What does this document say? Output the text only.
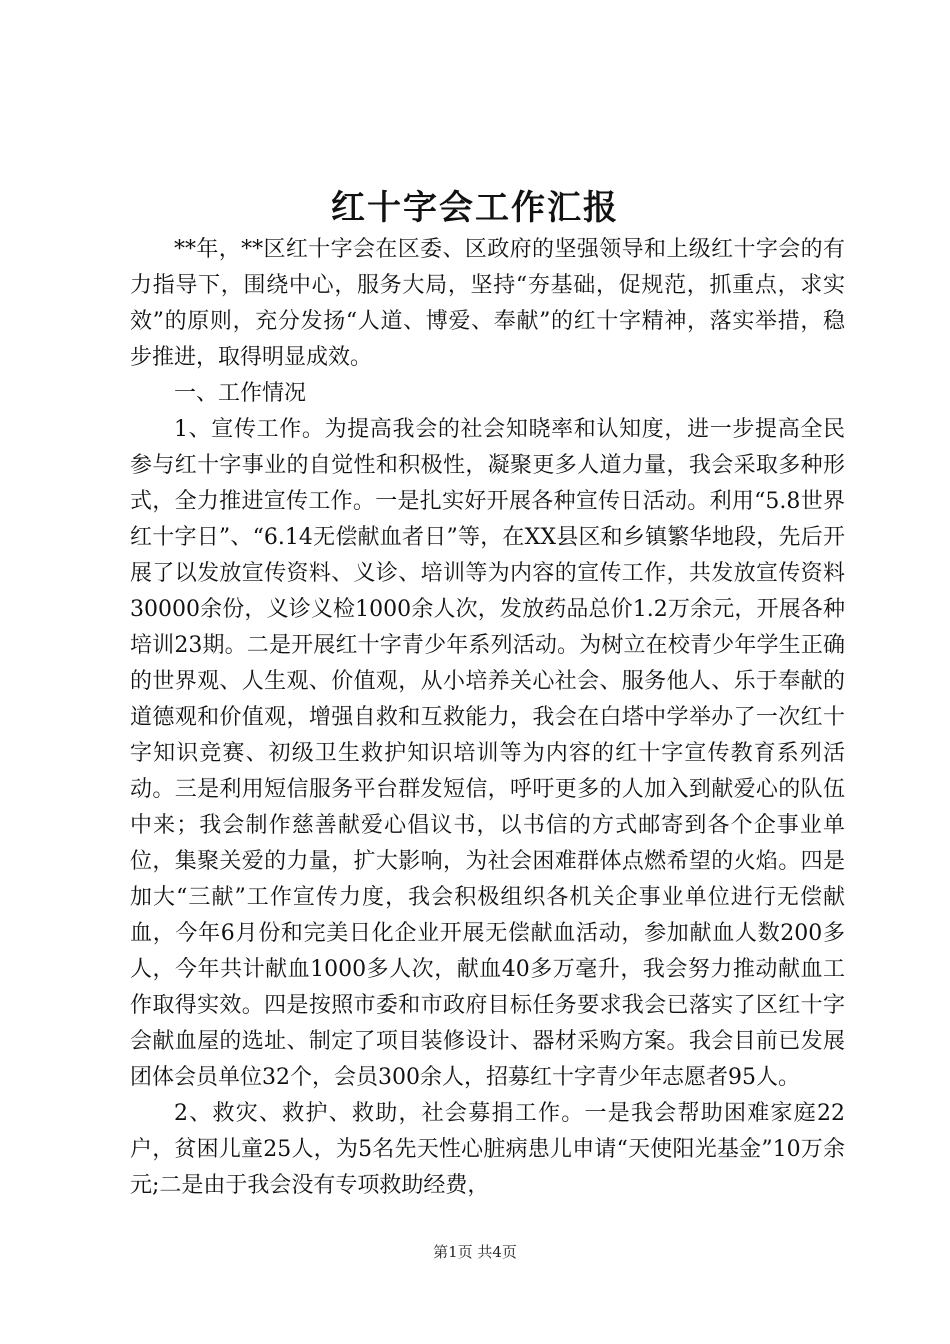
红十字会工作汇报

**年，**区红十字会在区委、区政府的坚强领导和上级红十字会的有力指导下，围绕中心，服务大局，坚持“夯基础，促规范，抓重点，求实效”的原则，充分发扬“人道、博爱、奉献”的红十字精神，落实举措，稳步推进，取得明显成效。

一、工作情况

1、宣传工作。为提高我会的社会知晓率和认知度，进一步提高全民参与红十字事业的自觉性和积极性，凝聚更多人道力量，我会采取多种形式，全力推进宣传工作。一是扎实好开展各种宣传日活动。利用“5.8世界红十字日”、“6.14无偿献血者日”等，在XX县区和乡镇繁华地段，先后开展了以发放宣传资料、义诊、培训等为内容的宣传工作，共发放宣传资料30000余份，义诊义检1000余人次，发放药品总价1.2万余元，开展各种培训23期。二是开展红十字青少年系列活动。为树立在校青少年学生正确的世界观、人生观、价值观，从小培养关心社会、服务他人、乐于奉献的道德观和价值观，增强自救和互救能力，我会在白塔中学举办了一次红十字知识竞赛、初级卫生救护知识培训等为内容的红十字宣传教育系列活动。三是利用短信服务平台群发短信，呼吁更多的人加入到献爱心的队伍中来；我会制作慈善献爱心倡议书，以书信的方式邮寄到各个企事业单位，集聚关爱的力量，扩大影响，为社会困难群体点燃希望的火焰。四是加大“三献”工作宣传力度，我会积极组织各机关企事业单位进行无偿献血，今年6月份和完美日化企业开展无偿献血活动，参加献血人数200多人，今年共计献血1000多人次，献血40多万毫升，我会努力推动献血工作取得实效。四是按照市委和市政府目标任务要求我会已落实了区红十字会献血屋的选址、制定了项目装修设计、器材采购方案。我会目前已发展团体会员单位32个，会员300余人，招募红十字青少年志愿者95人。

2、救灾、救护、救助，社会募捐工作。一是我会帮助困难家庭22户，贫困儿童25人，为5名先天性心脏病患儿申请“天使阳光基金”10万余元;二是由于我会没有专项救助经费，

第1页 共4页
